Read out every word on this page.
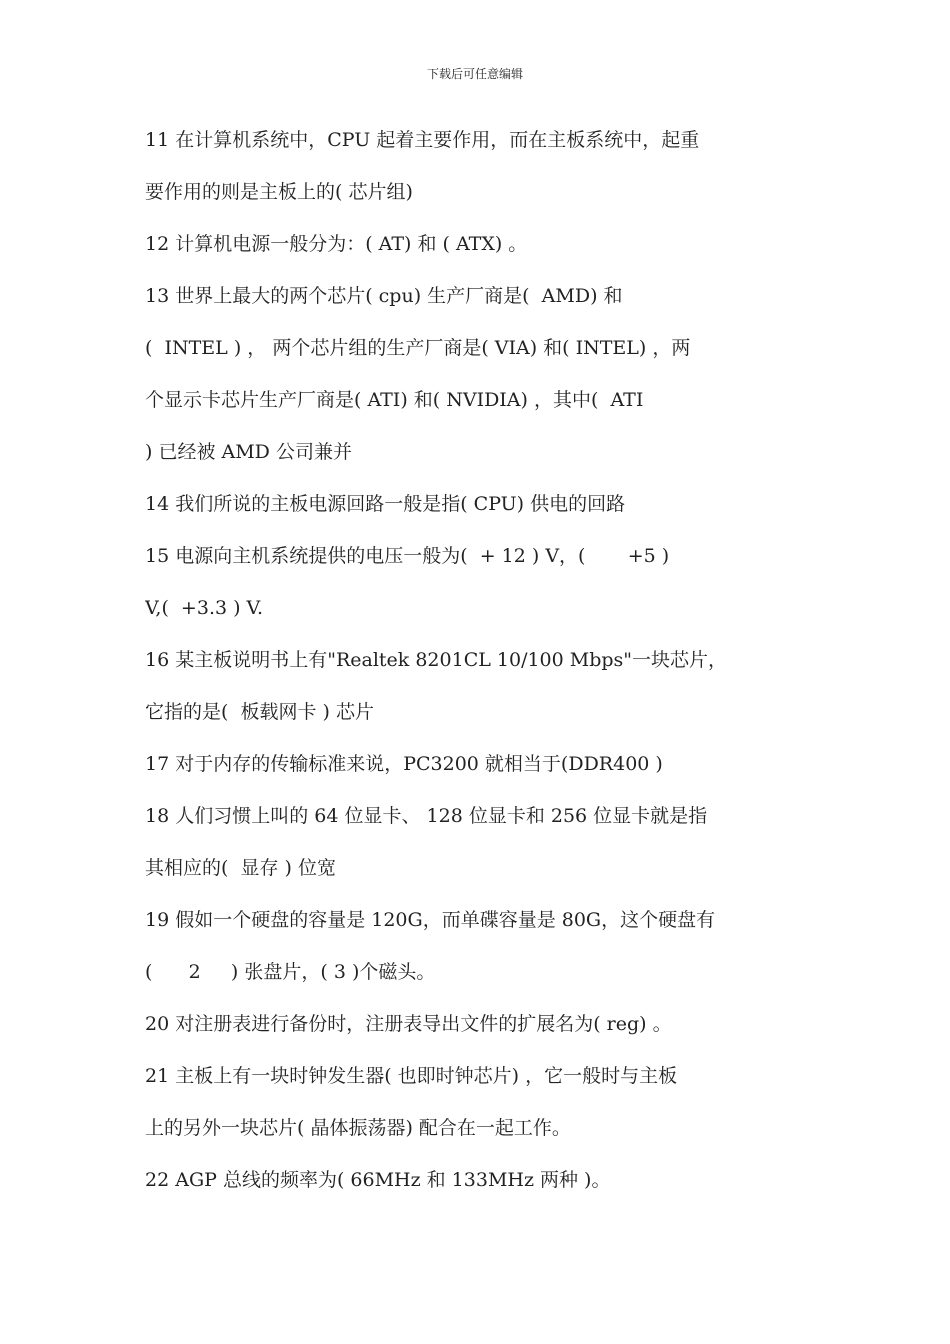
下载后可任意编辑
11 在计算机系统中，CPU 起着主要作用，而在主板系统中，起重
要作用的则是主板上的( 芯片组)
12 计算机电源一般分为：( AT) 和 ( ATX) 。
13 世界上最大的两个芯片( cpu) 生产厂商是(  AMD) 和
(  INTEL ) ， 两个芯片组的生产厂商是( VIA) 和( INTEL) ，两
个显示卡芯片生产厂商是( ATI) 和( NVIDIA) ，其中(  ATI
) 已经被 AMD 公司兼并
14 我们所说的主板电源回路一般是指( CPU) 供电的回路
15 电源向主机系统提供的电压一般为(  + 12 ) V，(       +5 )
V,(  +3.3 ) V.
16 某主板说明书上有"Realtek 8201CL 10/100 Mbps"一块芯片，
它指的是(  板载网卡 ) 芯片
17 对于内存的传输标准来说，PC3200 就相当于(DDR400 )
18 人们习惯上叫的 64 位显卡、 128 位显卡和 256 位显卡就是指
其相应的(  显存 ) 位宽
19 假如一个硬盘的容量是 120G，而单碟容量是 80G，这个硬盘有
(      2     ) 张盘片，( 3 )个磁头。
20 对注册表进行备份时，注册表导出文件的扩展名为( reg) 。
21 主板上有一块时钟发生器( 也即时钟芯片) ，它一般时与主板
上的另外一块芯片( 晶体振荡器) 配合在一起工作。
22 AGP 总线的频率为( 66MHz 和 133MHz 两种 )。
